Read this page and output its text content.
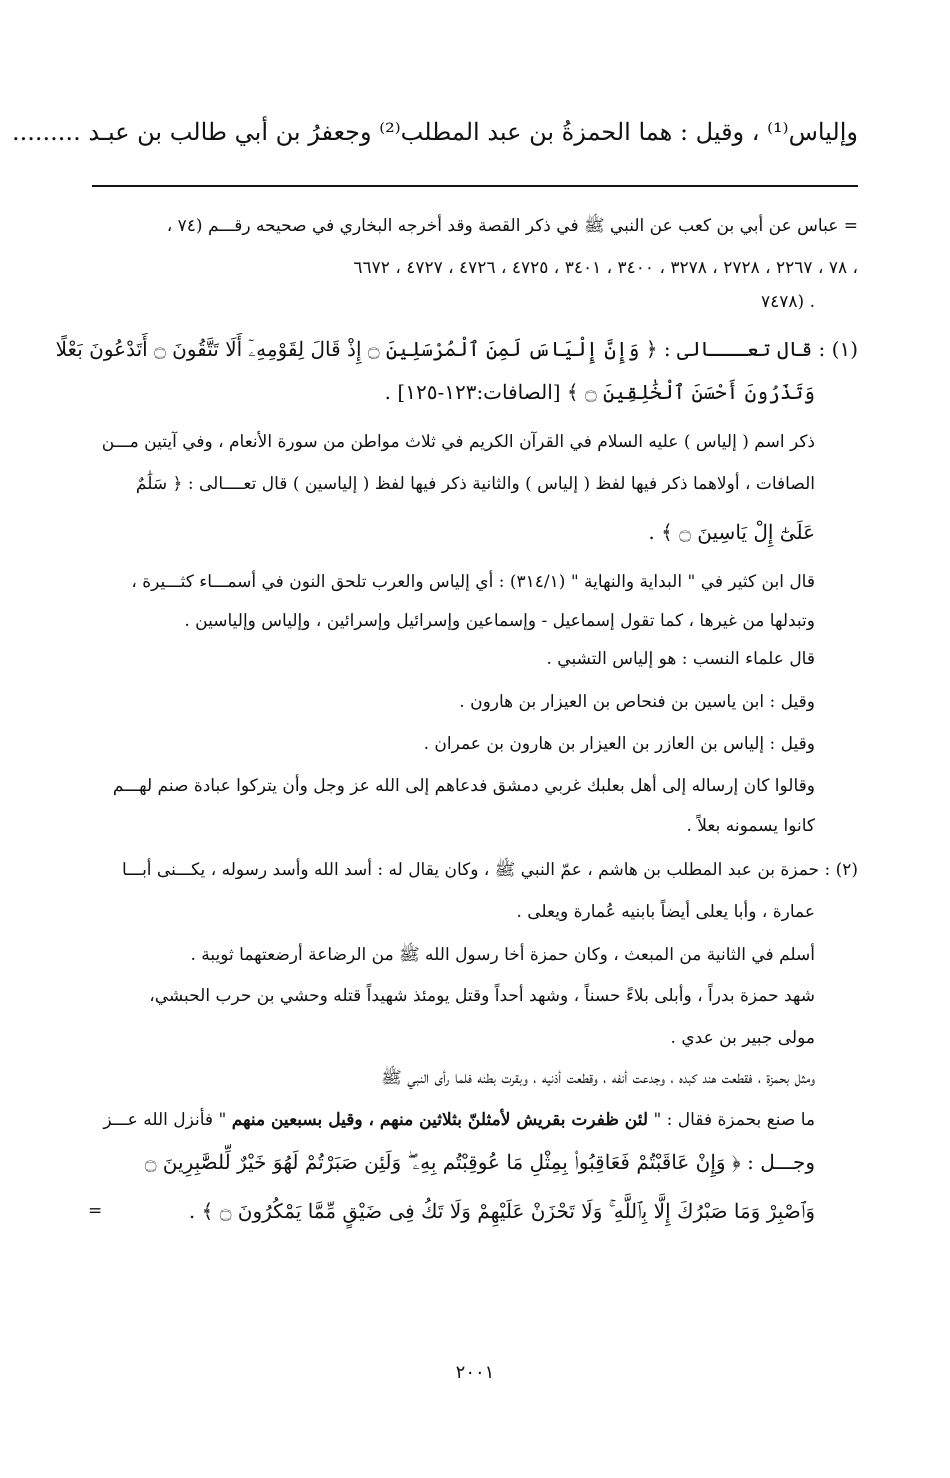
وإلياس⁽¹⁾ ، وقيل : هما الحمزةُ بن عبد المطلب⁽²⁾ وجعفرُ بن أبي طالب بن عبـد .........
= عباس عن أبي بن كعب عن النبي ﷺ في ذكر القصة وقد أخرجه البخاري في صحيحه رقـــم (٧٤ ،
٧٨ ، ٢٢٦٧ ، ٢٧٢٨ ، ٣٢٧٨ ، ٣٤٠٠ ، ٣٤٠١ ، ٤٧٢٥ ، ٤٧٢٦ ، ٤٧٢٧ ، ٦٦٧٢ ،
٧٤٧٨) .
(١) : قال تعـــالى : ﴿ وَإِنَّ إِلْيَاسَ لَمِنَ ٱلْمُرْسَلِينَ ۝ إِذْ قَالَ لِقَوْمِهِۦٓ أَلَا تَتَّقُونَ ۝ أَتَدْعُونَ بَعْلًا
وَتَذَرُونَ أَحْسَنَ ٱلْخَٰلِقِينَ ۝ ﴾ [الصافات:١٢٣-١٢٥] .
ذكر اسم ( إلياس ) عليه السلام في القرآن الكريم في ثلاث مواطن من سورة الأنعام ، وفي آيتين مـــن
الصافات ، أولاهما ذكر فيها لفظ ( إلياس ) والثانية ذكر فيها لفظ ( إلياسين ) قال تعــــالى : ﴿ سَلَٰمٌ
عَلَىٰٓ إِلْ يَاسِينَ ۝ ﴾ .
قال ابن كثير في " البداية والنهاية " (٣١٤/١) : أي إلياس والعرب تلحق النون في أسمـــاء كثـــيرة ،
وتبدلها من غيرها ، كما تقول إسماعيل - وإسماعين وإسرائيل وإسرائين ، وإلياس وإلياسين .
قال علماء النسب : هو إلياس التشبي .
وقيل : ابن ياسين بن فنحاص بن العيزار بن هارون .
وقيل : إلياس بن العازر بن العيزار بن هارون بن عمران .
وقالوا كان إرساله إلى أهل بعلبك غربي دمشق فدعاهم إلى الله عز وجل وأن يتركوا عبادة صنم لهـــم
كانوا يسمونه بعلاً .
(٢) : حمزة بن عبد المطلب بن هاشم ، عمّ النبي ﷺ ، وكان يقال له : أسد الله وأسد رسوله ، يكـــنى أبـــا
عمارة ، وأبا يعلى أيضاً بابنيه عُمارة ويعلى .
أسلم في الثانية من المبعث ، وكان حمزة أخا رسول الله ﷺ من الرضاعة أرضعتهما ثويبة .
شهد حمزة بدراً ، وأبلى بلاءً حسناً ، وشهد أحداً وقتل يومئذ شهيداً قتله وحشي بن حرب الحبشي،
مولى جبير بن عدي .
ومثل بحمزة ، فقطعت هند كبده ، وجدعت أنفه ، وقطعت أذنيه ، وبقرت بطنه فلما رأى النبي ﷺ
ما صنع بحمزة فقال : " لئن ظفرت بقريش لأمثلنّ بثلاثين منهم ، وقيل بسبعين منهم " فأنزل الله عـــز
وجـــل : ﴿ وَإِنْ عَاقَبْتُمْ فَعَاقِبُوا۟ بِمِثْلِ مَا عُوقِبْتُم بِهِۦ ۖ وَلَئِن صَبَرْتُمْ لَهُوَ خَيْرٌ لِّلصَّٰبِرِينَ ۝
وَٱصْبِرْ وَمَا صَبْرُكَ إِلَّا بِٱللَّهِ ۚ وَلَا تَحْزَنْ عَلَيْهِمْ وَلَا تَكُ فِى ضَيْقٍ مِّمَّا يَمْكُرُونَ ۝ ﴾ .
=
٢٠٠١
